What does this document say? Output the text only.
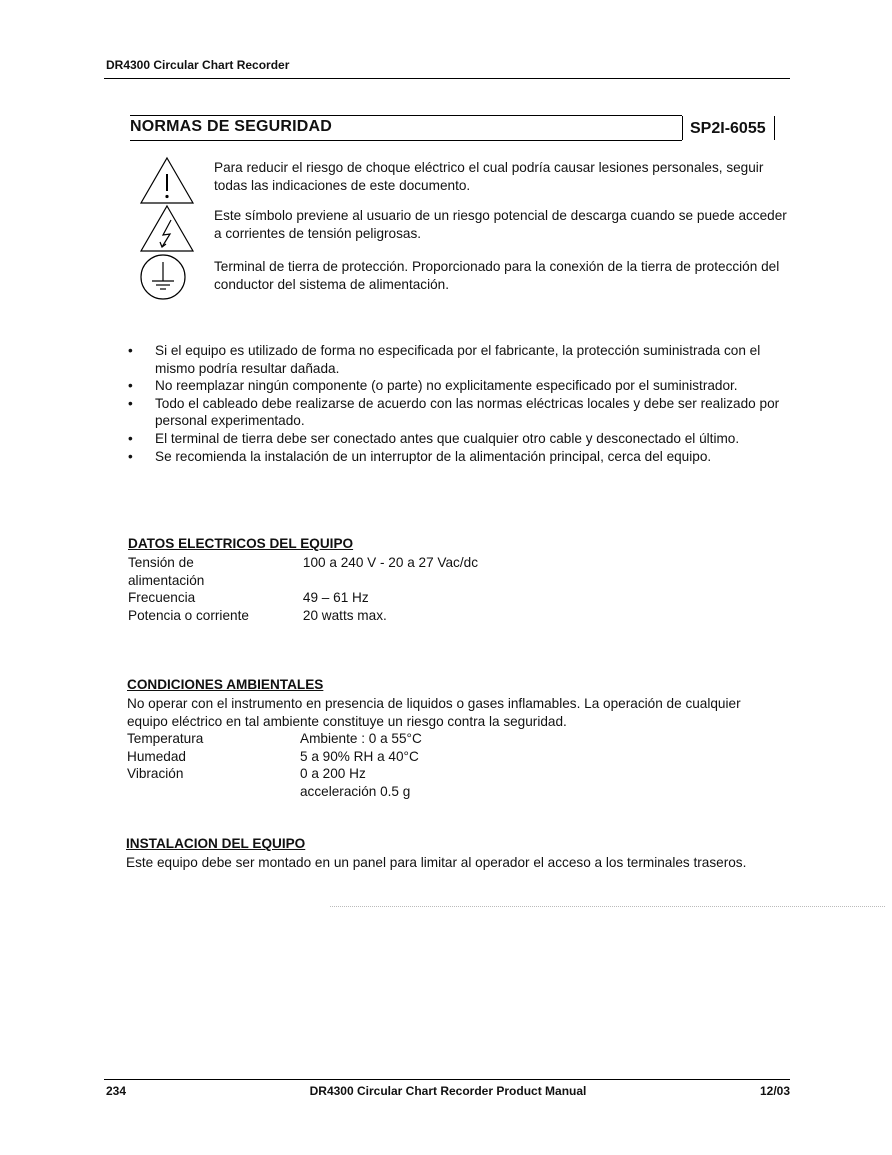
DR4300 Circular Chart Recorder
NORMAS DE SEGURIDAD	SP2I-6055
Para reducir el riesgo de choque eléctrico el cual podría causar lesiones personales, seguir todas las indicaciones de este documento.
Este símbolo previene al usuario de un riesgo potencial de descarga cuando se puede acceder a corrientes de tensión peligrosas.
Terminal de tierra de protección. Proporcionado para la conexión de la tierra de protección del conductor del sistema de alimentación.
• Si el equipo es utilizado de forma no especificada por el fabricante, la protección suministrada con el mismo podría resultar dañada.
• No reemplazar ningún componente (o parte) no explicitamente especificado por el suministrador.
• Todo el cableado debe realizarse de acuerdo con las normas eléctricas locales y debe ser realizado por personal experimentado.
• El terminal de tierra debe ser conectado antes que cualquier otro cable y desconectado el último.
• Se recomienda la instalación de un interruptor de la alimentación principal, cerca del equipo.
DATOS ELECTRICOS DEL EQUIPO
Tensión de alimentación	100 a 240 V - 20 a 27 Vac/dc
Frecuencia	49 – 61 Hz
Potencia o corriente	20 watts max.
CONDICIONES AMBIENTALES
No operar con el instrumento en presencia de liquidos o gases inflamables. La operación de cualquier equipo eléctrico en tal ambiente constituye un riesgo contra la seguridad.
Temperatura	Ambiente : 0 a 55°C
Humedad	5 a 90% RH a 40°C
Vibración	0 a 200 Hz
	acceleración 0.5 g
INSTALACION DEL EQUIPO
Este equipo debe ser montado en un panel para limitar al operador el acceso a los terminales traseros.
234	DR4300 Circular Chart Recorder Product Manual	12/03
